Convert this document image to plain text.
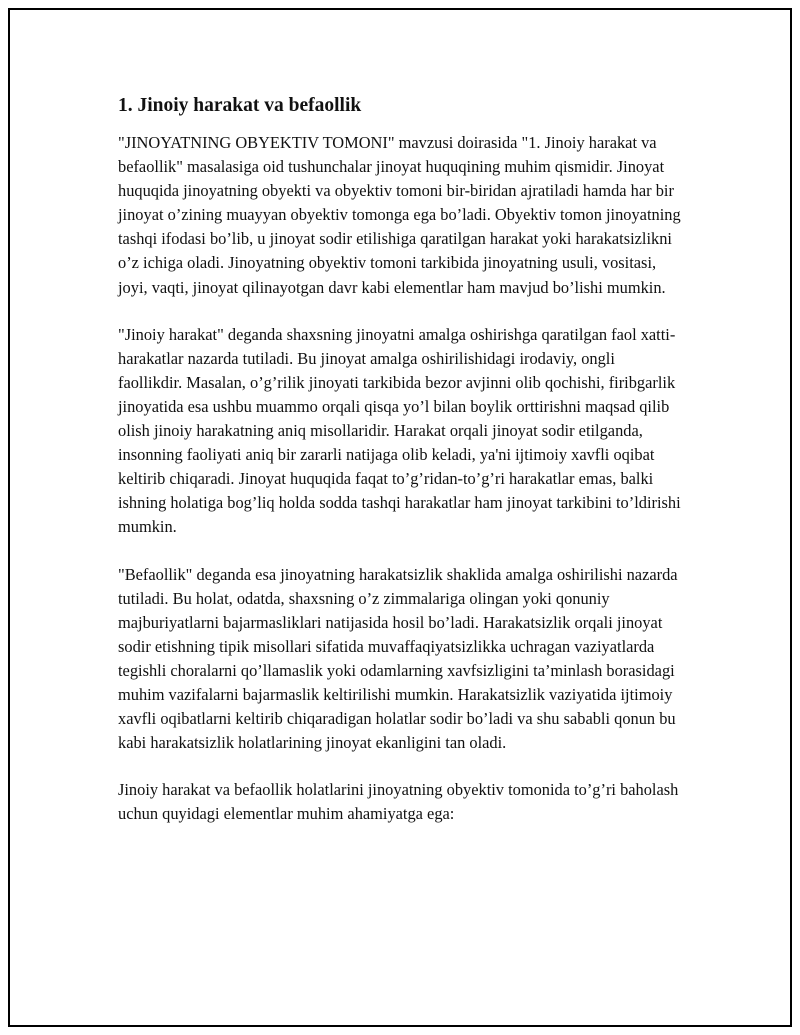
1. Jinoiy harakat va befaollik

"JINOYATNING OBYEKTIV TOMONI" mavzusi doirasida "1. Jinoiy harakat va befaollik" masalasiga oid tushunchalar jinoyat huquqining muhim qismidir. Jinoyat huquqida jinoyatning obyekti va obyektiv tomoni bir-biridan ajratiladi hamda har bir jinoyat o’zining muayyan obyektiv tomonga ega bo’ladi. Obyektiv tomon jinoyatning tashqi ifodasi bo’lib, u jinoyat sodir etilishiga qaratilgan harakat yoki harakatsizlikni o’z ichiga oladi. Jinoyatning obyektiv tomoni tarkibida jinoyatning usuli, vositasi, joyi, vaqti, jinoyat qilinayotgan davr kabi elementlar ham mavjud bo’lishi mumkin.

"Jinoiy harakat" deganda shaxsning jinoyatni amalga oshirishga qaratilgan faol xatti-harakatlar nazarda tutiladi. Bu jinoyat amalga oshirilishidagi irodaviy, ongli faollikdir. Masalan, o’g’rilik jinoyati tarkibida bezor avjinni olib qochishi, firibgarlik jinoyatida esa ushbu muammo orqali qisqa yo’l bilan boylik orttirishni maqsad qilib olish jinoiy harakatning aniq misollaridir. Harakat orqali jinoyat sodir etilganda, insonning faoliyati aniq bir zararli natijaga olib keladi, ya'ni ijtimoiy xavfli oqibat keltirib chiqaradi. Jinoyat huquqida faqat to’g’ridan-to’g’ri harakatlar emas, balki ishning holatiga bog’liq holda sodda tashqi harakatlar ham jinoyat tarkibini to’ldirishi mumkin.

"Befaollik" deganda esa jinoyatning harakatsizlik shaklida amalga oshirilishi nazarda tutiladi. Bu holat, odatda, shaxsning o’z zimmalariga olingan yoki qonuniy majburiyatlarni bajarmasliklari natijasida hosil bo’ladi. Harakatsizlik orqali jinoyat sodir etishning tipik misollari sifatida muvaffaqiyatsizlikka uchragan vaziyatlarda tegishli choralarni qo’llamaslik yoki odamlarning xavfsizligini ta’minlash borasidagi muhim vazifalarni bajarmaslik keltirilishi mumkin. Harakatsizlik vaziyatida ijtimoiy xavfli oqibatlarni keltirib chiqaradigan holatlar sodir bo’ladi va shu sababli qonun bu kabi harakatsizlik holatlarining jinoyat ekanligini tan oladi.

Jinoiy harakat va befaollik holatlarini jinoyatning obyektiv tomonida to’g’ri baholash uchun quyidagi elementlar muhim ahamiyatga ega:
